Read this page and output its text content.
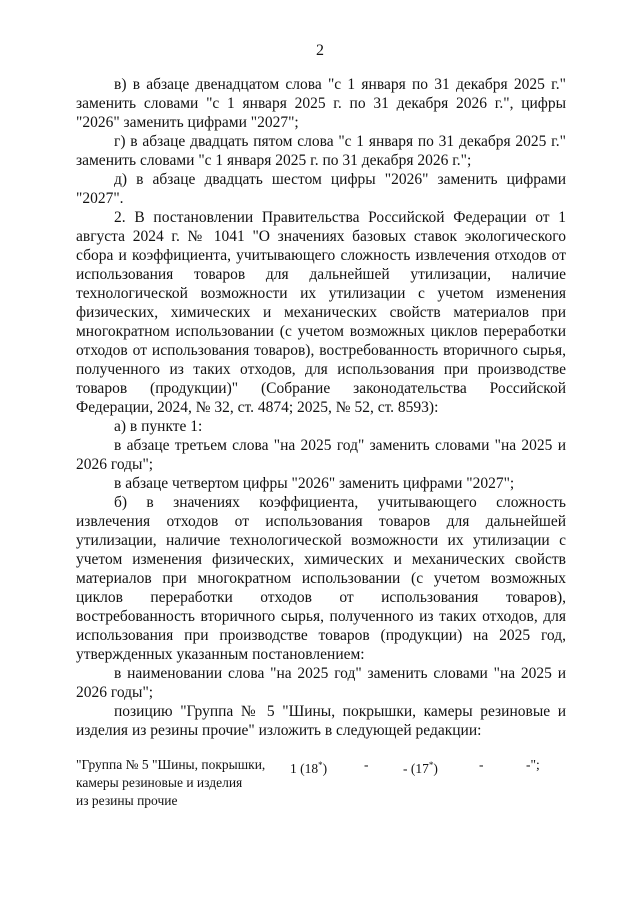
2

в) в абзаце двенадцатом слова "с 1 января по 31 декабря 2025 г." заменить словами "с 1 января 2025 г. по 31 декабря 2026 г.", цифры "2026" заменить цифрами "2027";

г) в абзаце двадцать пятом слова "с 1 января по 31 декабря 2025 г." заменить словами "с 1 января 2025 г. по 31 декабря 2026 г.";

д) в абзаце двадцать шестом цифры "2026" заменить цифрами "2027".

2. В постановлении Правительства Российской Федерации от 1 августа 2024 г. № 1041 "О значениях базовых ставок экологического сбора и коэффициента, учитывающего сложность извлечения отходов от использования товаров для дальнейшей утилизации, наличие технологической возможности их утилизации с учетом изменения физических, химических и механических свойств материалов при многократном использовании (с учетом возможных циклов переработки отходов от использования товаров), востребованность вторичного сырья, полученного из таких отходов, для использования при производстве товаров (продукции)" (Собрание законодательства Российской Федерации, 2024, № 32, ст. 4874; 2025, № 52, ст. 8593):

а) в пункте 1:

в абзаце третьем слова "на 2025 год" заменить словами "на 2025 и 2026 годы";

в абзаце четвертом цифры "2026" заменить цифрами "2027";

б) в значениях коэффициента, учитывающего сложность извлечения отходов от использования товаров для дальнейшей утилизации, наличие технологической возможности их утилизации с учетом изменения физических, химических и механических свойств материалов при многократном использовании (с учетом возможных циклов переработки отходов от использования товаров), востребованность вторичного сырья, полученного из таких отходов, для использования при производстве товаров (продукции) на 2025 год, утвержденных указанным постановлением:

в наименовании слова "на 2025 год" заменить словами "на 2025 и 2026 годы";

позицию "Группа № 5 "Шины, покрышки, камеры резиновые и изделия из резины прочие" изложить в следующей редакции:

"Группа № 5 "Шины, покрышки,
камеры резиновые и изделия
из резины прочие
1 (18*)	-	- (17*)	-	-";
